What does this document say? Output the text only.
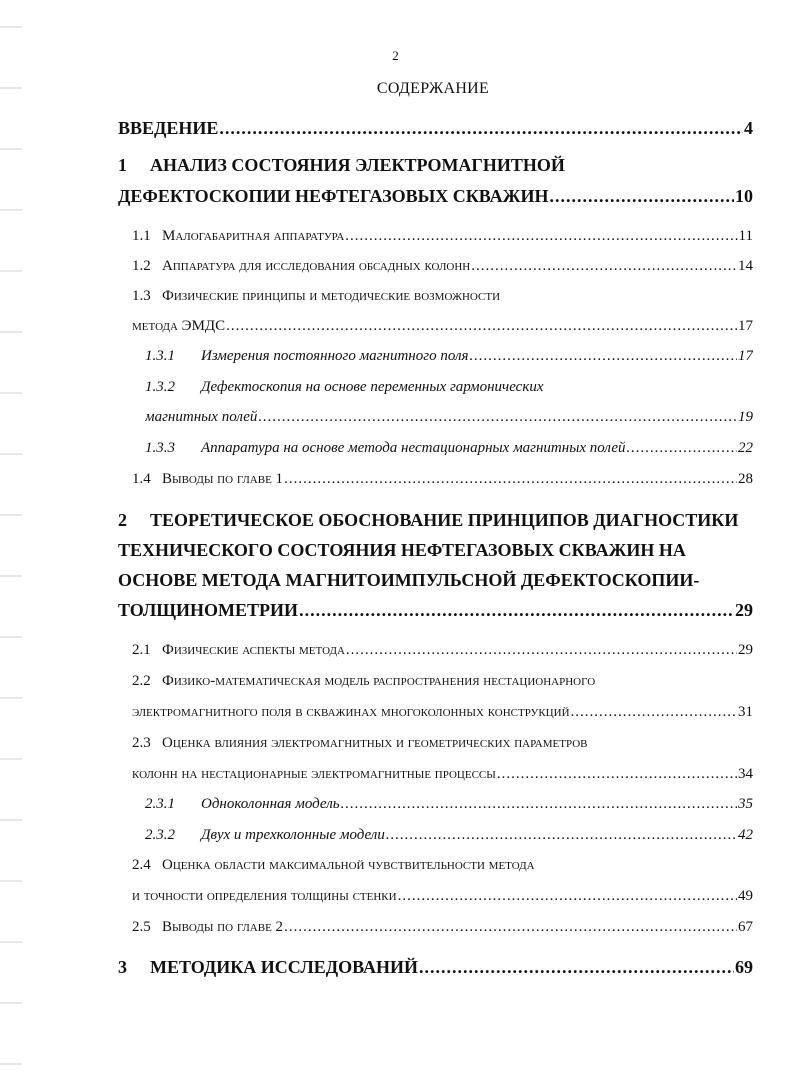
2
СОДЕРЖАНИЕ
ВВЕДЕНИЕ .....	4
1	АНАЛИЗ СОСТОЯНИЯ ЭЛЕКТРОМАГНИТНОЙ
ДЕФЕКТОСКОПИИ НЕФТЕГАЗОВЫХ СКВАЖИН .....	10
1.1 Малогабаритная аппаратура .....	11
1.2 Аппаратура для исследования обсадных колонн .....	14
1.3 Физические принципы и методические возможности
метода ЭМДС .....	17
1.3.1	Измерения постоянного магнитного поля .....	17
1.3.2	Дефектоскопия на основе переменных гармонических
магнитных полей .....	19
1.3.3	Аппаратура на основе метода нестационарных магнитных полей .....	22
1.4 Выводы по главе 1 .....	28
2	ТЕОРЕТИЧЕСКОЕ ОБОСНОВАНИЕ ПРИНЦИПОВ ДИАГНОСТИКИ
ТЕХНИЧЕСКОГО СОСТОЯНИЯ НЕФТЕГАЗОВЫХ СКВАЖИН НА
ОСНОВЕ МЕТОДА МАГНИТОИМПУЛЬСНОЙ ДЕФЕКТОСКОПИИ-
ТОЛЩИНОМЕТРИИ .....	29
2.1 Физические аспекты метода .....	29
2.2 Физико-математическая модель распространения нестационарного
электромагнитного поля в скважинах многоколонных конструкций .....	31
2.3 Оценка влияния электромагнитных и геометрических параметров
колонн на нестационарные электромагнитные процессы .....	34
2.3.1	Одноколонная модель .....	35
2.3.2	Двух и трехколонные модели .....	42
2.4 Оценка области максимальной чувствительности метода
и точности определения толщины стенки .....	49
2.5 Выводы по главе 2 .....	67
3	МЕТОДИКА ИССЛЕДОВАНИЙ .....	69
